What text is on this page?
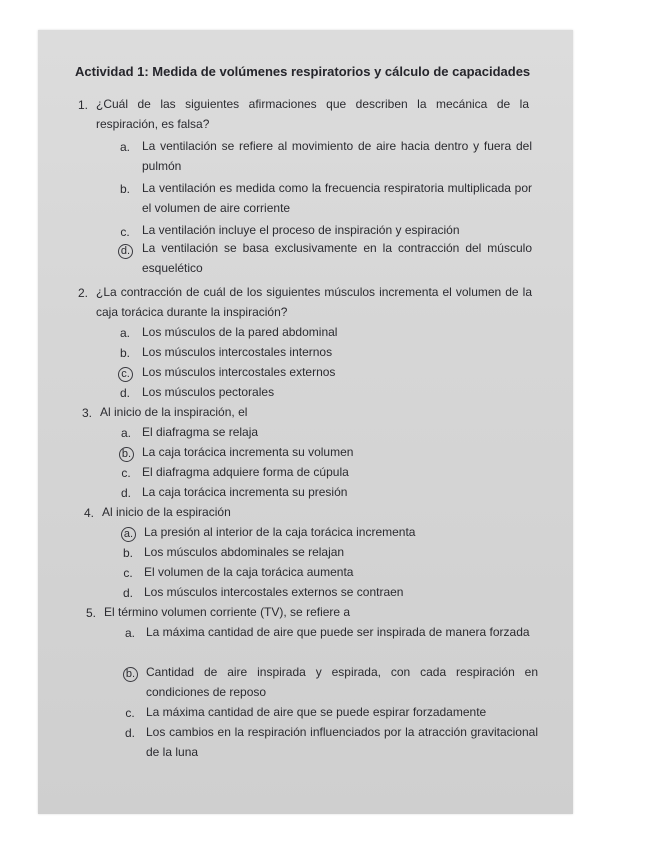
Actividad 1: Medida de volúmenes respiratorios y cálculo de capacidades
1. ¿Cuál de las siguientes afirmaciones que describen la mecánica de la respiración, es falsa?
a. La ventilación se refiere al movimiento de aire hacia dentro y fuera del pulmón
b. La ventilación es medida como la frecuencia respiratoria multiplicada por el volumen de aire corriente
c. La ventilación incluye el proceso de inspiración y espiración
d. La ventilación se basa exclusivamente en la contracción del músculo esquelético
2. ¿La contracción de cuál de los siguientes músculos incrementa el volumen de la caja torácica durante la inspiración?
a. Los músculos de la pared abdominal
b. Los músculos intercostales internos
c. Los músculos intercostales externos
d. Los músculos pectorales
3. Al inicio de la inspiración, el
a. El diafragma se relaja
b. La caja torácica incrementa su volumen
c. El diafragma adquiere forma de cúpula
d. La caja torácica incrementa su presión
4. Al inicio de la espiración
a. La presión al interior de la caja torácica incrementa
b. Los músculos abdominales se relajan
c. El volumen de la caja torácica aumenta
d. Los músculos intercostales externos se contraen
5. El término volumen corriente (TV), se refiere a
a. La máxima cantidad de aire que puede ser inspirada de manera forzada
b. Cantidad de aire inspirada y espirada, con cada respiración en condiciones de reposo
c. La máxima cantidad de aire que se puede espirar forzadamente
d. Los cambios en la respiración influenciados por la atracción gravitacional de la luna
